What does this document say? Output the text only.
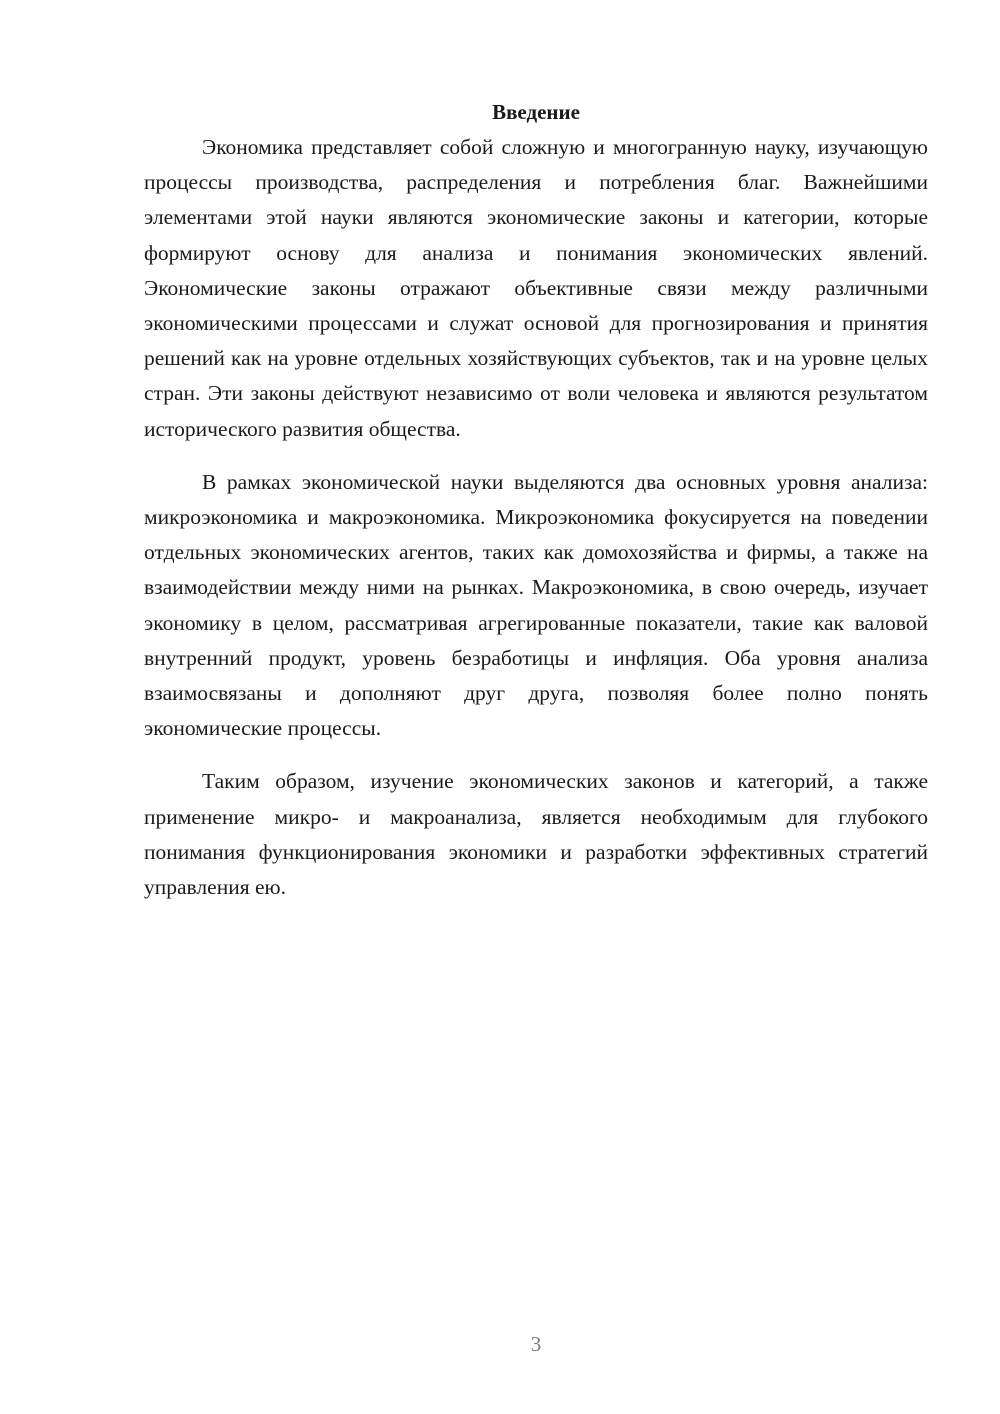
Введение

Экономика представляет собой сложную и многогранную науку, изучающую процессы производства, распределения и потребления благ. Важнейшими элементами этой науки являются экономические законы и категории, которые формируют основу для анализа и понимания экономических явлений. Экономические законы отражают объективные связи между различными экономическими процессами и служат основой для прогнозирования и принятия решений как на уровне отдельных хозяйствующих субъектов, так и на уровне целых стран. Эти законы действуют независимо от воли человека и являются результатом исторического развития общества.

В рамках экономической науки выделяются два основных уровня анализа: микроэкономика и макроэкономика. Микроэкономика фокусируется на поведении отдельных экономических агентов, таких как домохозяйства и фирмы, а также на взаимодействии между ними на рынках. Макроэкономика, в свою очередь, изучает экономику в целом, рассматривая агрегированные показатели, такие как валовой внутренний продукт, уровень безработицы и инфляция. Оба уровня анализа взаимосвязаны и дополняют друг друга, позволяя более полно понять экономические процессы.

Таким образом, изучение экономических законов и категорий, а также применение микро- и макроанализа, является необходимым для глубокого понимания функционирования экономики и разработки эффективных стратегий управления ею.

3
